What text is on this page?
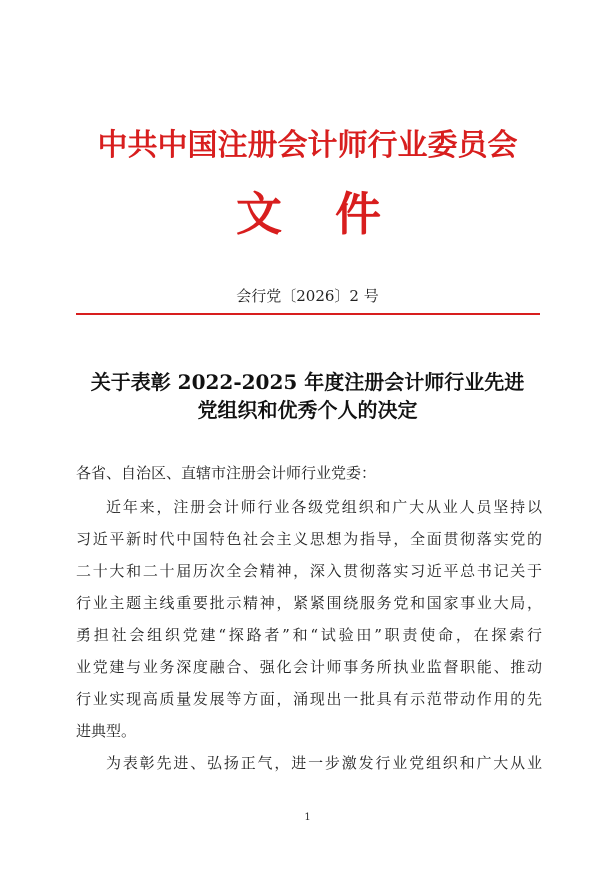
中共中国注册会计师行业委员会
文 件
会行党〔2026〕2 号
关于表彰 2022-2025 年度注册会计师行业先进
党组织和优秀个人的决定
各省、自治区、直辖市注册会计师行业党委：
近年来，注册会计师行业各级党组织和广大从业人员坚持以
习近平新时代中国特色社会主义思想为指导，全面贯彻落实党的
二十大和二十届历次全会精神，深入贯彻落实习近平总书记关于
行业主题主线重要批示精神，紧紧围绕服务党和国家事业大局，
勇担社会组织党建“探路者”和“试验田”职责使命，在探索行
业党建与业务深度融合、强化会计师事务所执业监督职能、推动
行业实现高质量发展等方面，涌现出一批具有示范带动作用的先
进典型。
为表彰先进、弘扬正气，进一步激发行业党组织和广大从业
1
